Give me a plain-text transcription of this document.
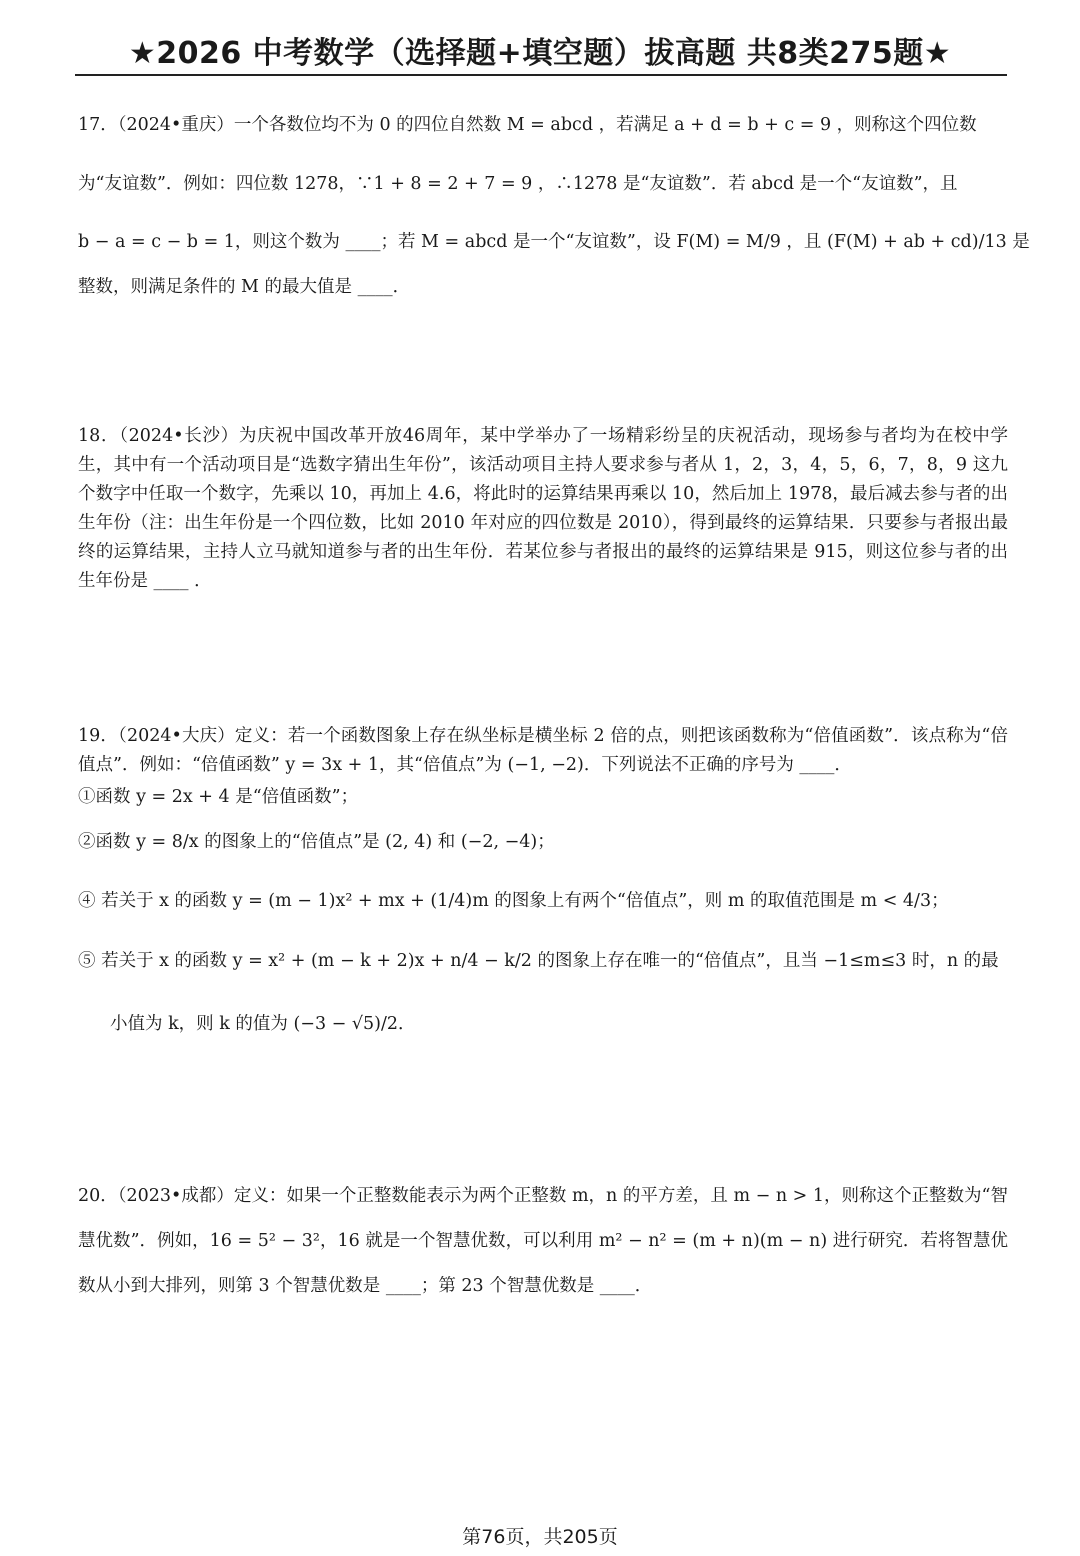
★2026 中考数学（选择题+填空题）拔高题 共8类275题★
17．（2024•重庆）一个各数位均不为 0 的四位自然数 M = abcd ，若满足 a + d = b + c = 9 ，则称这个四位数
为“友谊数”．例如：四位数 1278，∵1 + 8 = 2 + 7 = 9 ，∴1278 是“友谊数”．若 abcd 是一个“友谊数”，且
b − a = c − b = 1，则这个数为 ____；若 M = abcd 是一个“友谊数”，设 F(M) = M/9 ，且 (F(M) + ab + cd)/13 是
整数，则满足条件的 M 的最大值是 ____．
18．（2024•长沙）为庆祝中国改革开放46周年，某中学举办了一场精彩纷呈的庆祝活动，现场参与者均为在校中学生，其中有一个活动项目是“选数字猜出生年份”，该活动项目主持人要求参与者从 1，2，3，4，5，6，7，8，9 这九个数字中任取一个数字，先乘以 10，再加上 4.6，将此时的运算结果再乘以 10，然后加上 1978，最后减去参与者的出生年份（注：出生年份是一个四位数，比如 2010 年对应的四位数是 2010），得到最终的运算结果．只要参与者报出最终的运算结果，主持人立马就知道参与者的出生年份．若某位参与者报出的最终的运算结果是 915，则这位参与者的出生年份是 ____ ．
19．（2024•大庆）定义：若一个函数图象上存在纵坐标是横坐标 2 倍的点，则把该函数称为“倍值函数”．该点称为“倍值点”．例如：“倍值函数” y = 3x + 1，其“倍值点”为 (−1, −2)．下列说法不正确的序号为 ____．
①函数 y = 2x + 4 是“倍值函数”；
②函数 y = 8/x 的图象上的“倍值点”是 (2, 4) 和 (−2, −4)；
④ 若关于 x 的函数 y = (m − 1)x² + mx + (1/4)m 的图象上有两个“倍值点”，则 m 的取值范围是 m < 4/3；
⑤ 若关于 x 的函数 y = x² + (m − k + 2)x + n/4 − k/2 的图象上存在唯一的“倍值点”，且当 −1≤m≤3 时，n 的最
小值为 k，则 k 的值为 (−3 − √5)/2．
20．（2023•成都）定义：如果一个正整数能表示为两个正整数 m，n 的平方差，且 m − n > 1，则称这个正整数为“智慧优数”．例如，16 = 5² − 3²，16 就是一个智慧优数，可以利用 m² − n² = (m + n)(m − n) 进行研究．若将智慧优数从小到大排列，则第 3 个智慧优数是 ____；第 23 个智慧优数是 ____．
第76页，共205页
